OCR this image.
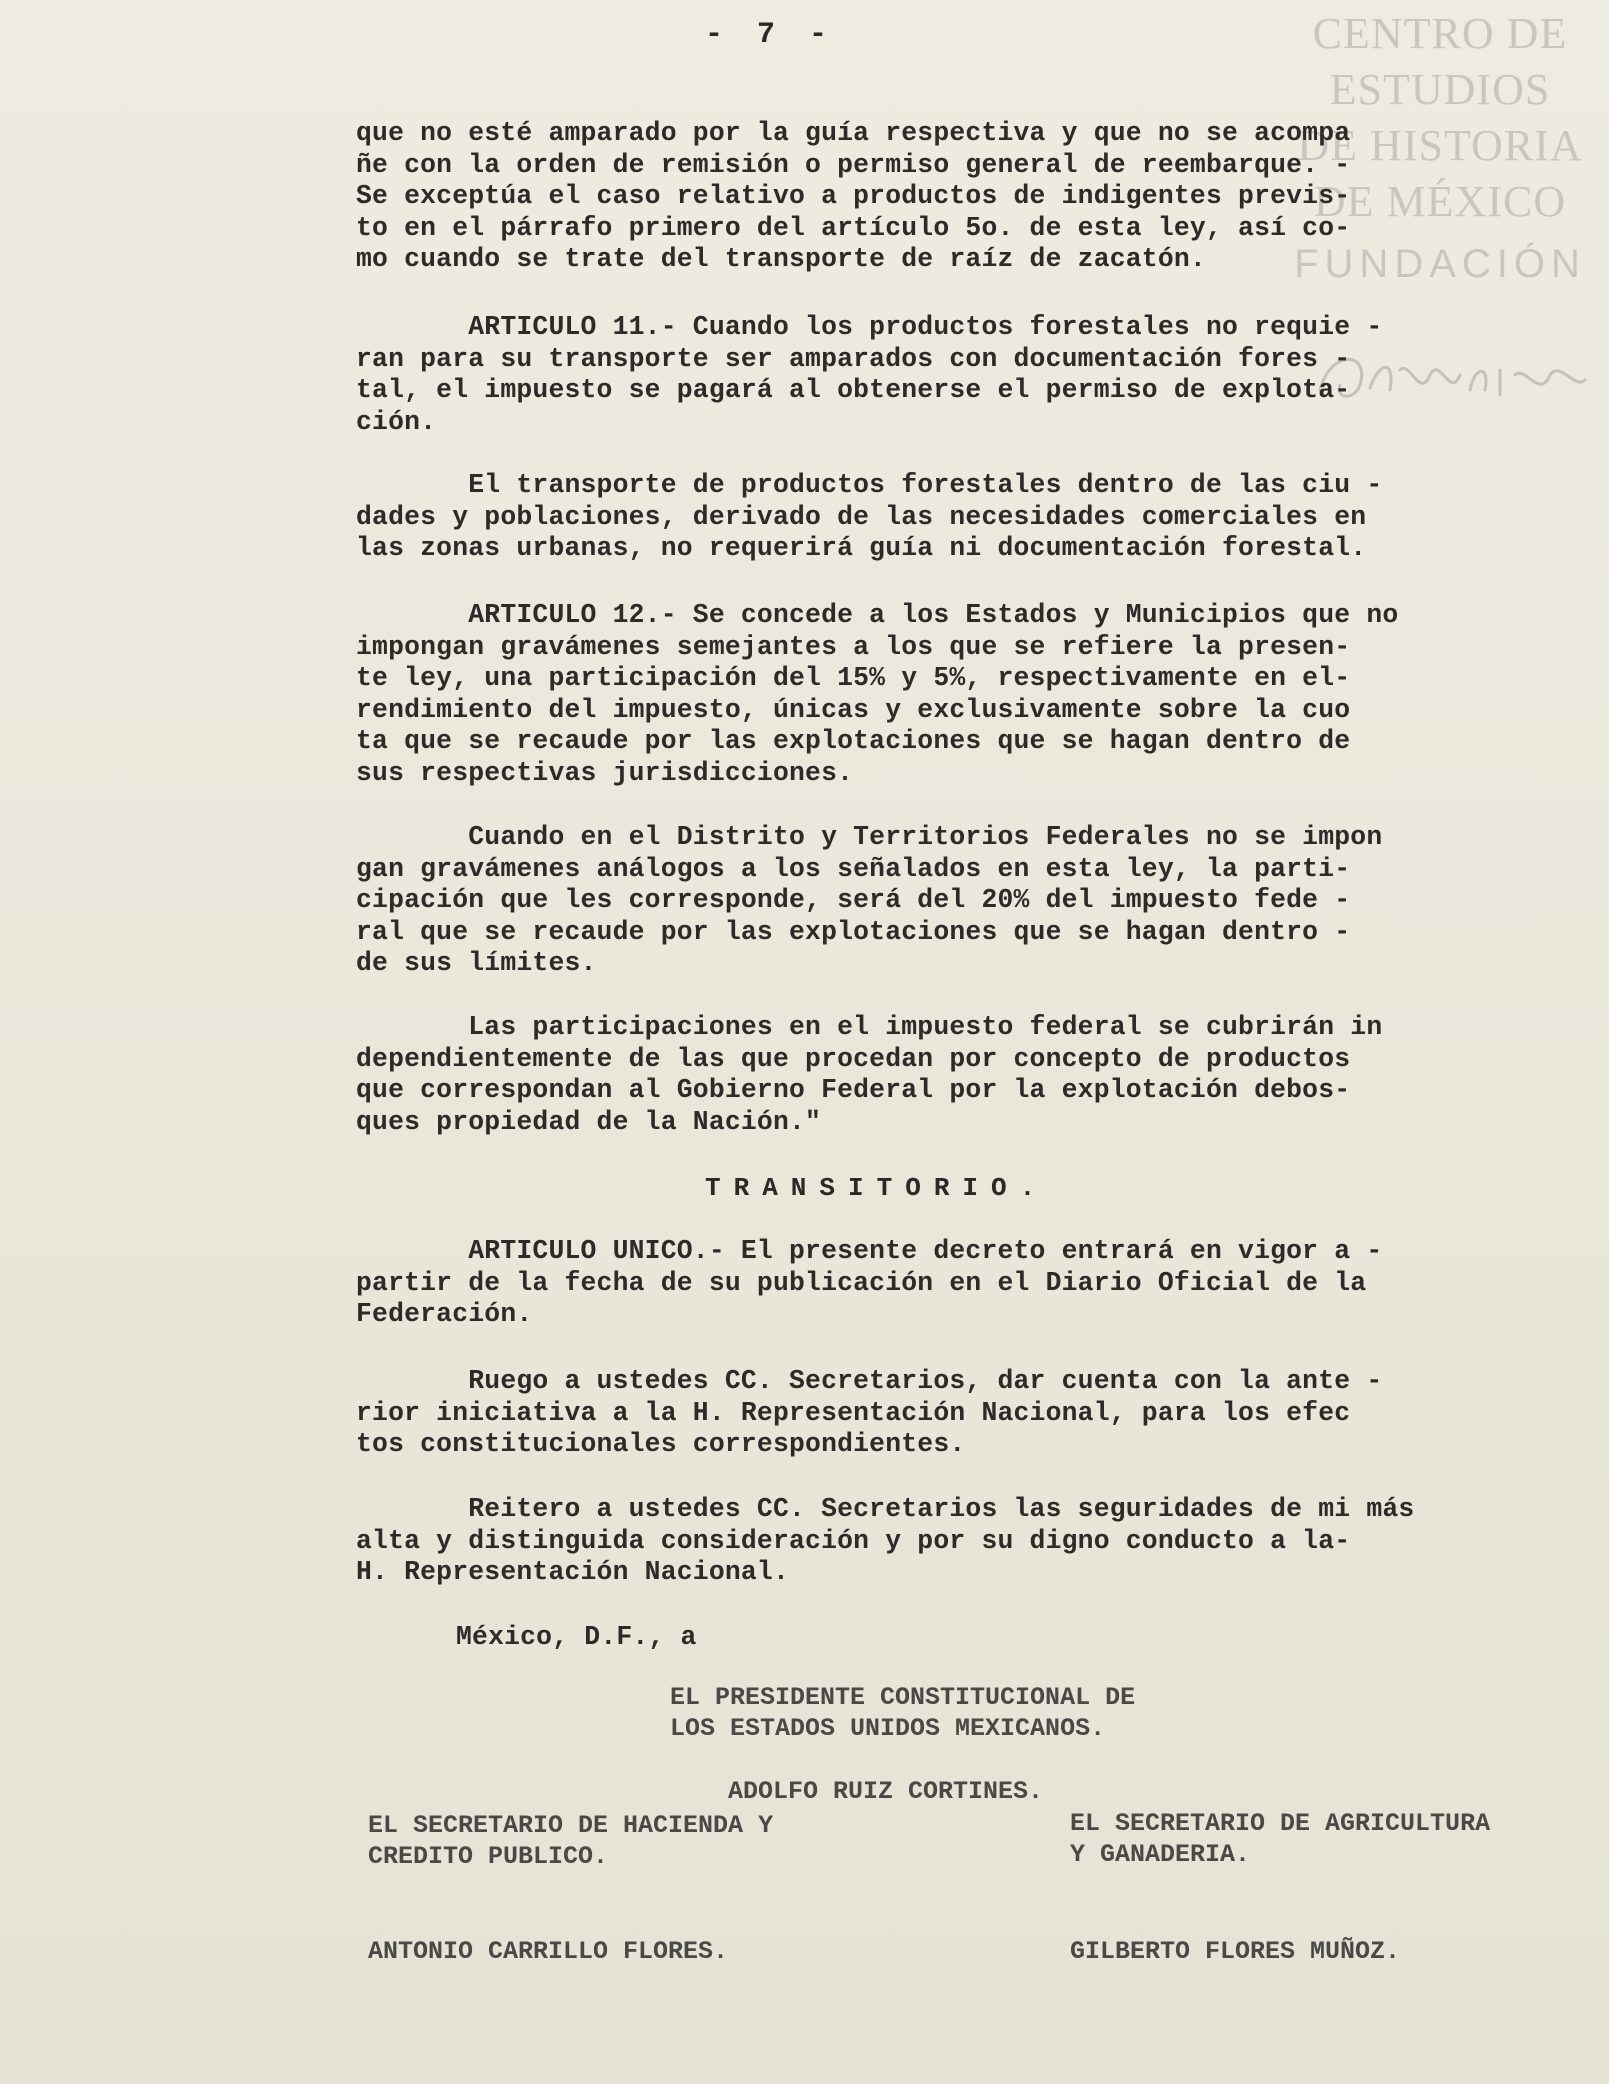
CENTRO DE
ESTUDIOS
DE HISTORIA
DE MÉXICO
FUNDACIÓN
- 7 -
que no esté amparado por la guía respectiva y que no se acompa
ñe con la orden de remisión o permiso general de reembarque. -
Se exceptúa el caso relativo a productos de indigentes previs-
to en el párrafo primero del artículo 5o. de esta ley, así co-
mo cuando se trate del transporte de raíz de zacatón.
ARTICULO 11.- Cuando los productos forestales no requie -
ran para su transporte ser amparados con documentación fores -
tal, el impuesto se pagará al obtenerse el permiso de explota-
ción.
El transporte de productos forestales dentro de las ciu -
dades y poblaciones, derivado de las necesidades comerciales en
las zonas urbanas, no requerirá guía ni documentación forestal.
ARTICULO 12.- Se concede a los Estados y Municipios que no
impongan gravámenes semejantes a los que se refiere la presen-
te ley, una participación del 15% y 5%, respectivamente en el-
rendimiento del impuesto, únicas y exclusivamente sobre la cuo
ta que se recaude por las explotaciones que se hagan dentro de
sus respectivas jurisdicciones.
Cuando en el Distrito y Territorios Federales no se impon
gan gravámenes análogos a los señalados en esta ley, la parti-
cipación que les corresponde, será del 20% del impuesto fede -
ral que se recaude por las explotaciones que se hagan dentro -
de sus límites.
Las participaciones en el impuesto federal se cubrirán in
dependientemente de las que procedan por concepto de productos
que correspondan al Gobierno Federal por la explotación debos-
ques propiedad de la Nación."
TRANSITORIO.
ARTICULO UNICO.- El presente decreto entrará en vigor a -
partir de la fecha de su publicación en el Diario Oficial de la
Federación.
Ruego a ustedes CC. Secretarios, dar cuenta con la ante -
rior iniciativa a la H. Representación Nacional, para los efec
tos constitucionales correspondientes.
Reitero a ustedes CC. Secretarios las seguridades de mi más
alta y distinguida consideración y por su digno conducto a la-
H. Representación Nacional.
México, D.F., a
EL PRESIDENTE CONSTITUCIONAL DE
LOS ESTADOS UNIDOS MEXICANOS.
ADOLFO RUIZ CORTINES.
EL SECRETARIO DE HACIENDA Y
CREDITO PUBLICO.
EL SECRETARIO DE AGRICULTURA
Y GANADERIA.
ANTONIO CARRILLO FLORES.	GILBERTO FLORES MUÑOZ.
